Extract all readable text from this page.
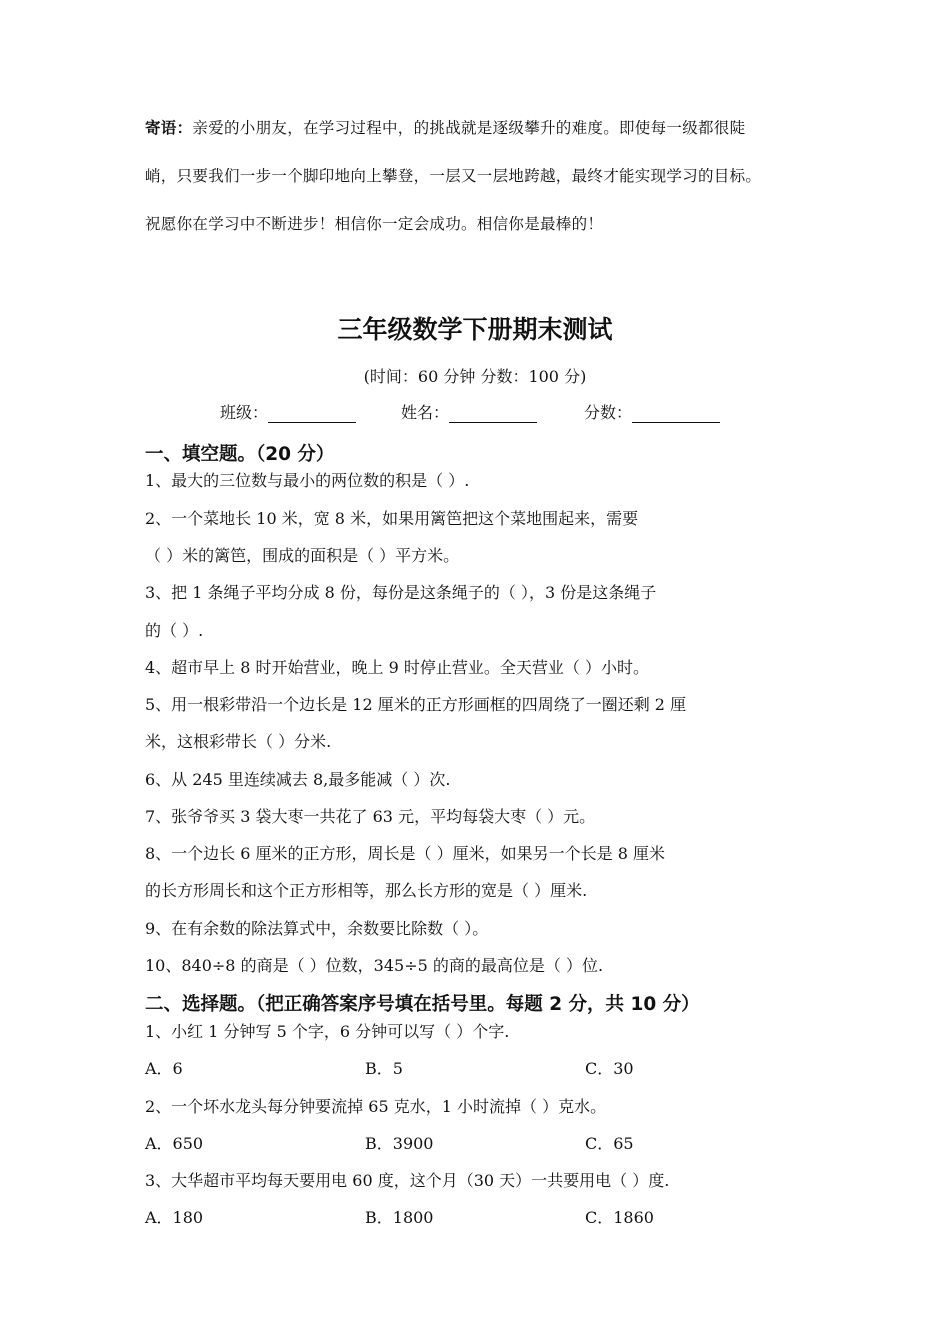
寄语：亲爱的小朋友，在学习过程中，的挑战就是逐级攀升的难度。即使每一级都很陡
峭，只要我们一步一个脚印地向上攀登，一层又一层地跨越，最终才能实现学习的目标。
祝愿你在学习中不断进步！相信你一定会成功。相信你是最棒的！
三年级数学下册期末测试
(时间：60 分钟 分数：100 分)
班级：	姓名：	分数：
一、填空题。（20 分）
1、最大的三位数与最小的两位数的积是（ ）.
2、一个菜地长 10 米，宽 8 米，如果用篱笆把这个菜地围起来，需要
（ ）米的篱笆，围成的面积是（ ）平方米。
3、把 1 条绳子平均分成 8 份，每份是这条绳子的（ ），3 份是这条绳子
的（ ）.
4、超市早上 8 时开始营业，晚上 9 时停止营业。全天营业（ ）小时。
5、用一根彩带沿一个边长是 12 厘米的正方形画框的四周绕了一圈还剩 2 厘
米，这根彩带长（ ）分米.
6、从 245 里连续减去 8,最多能减（ ）次.
7、张爷爷买 3 袋大枣一共花了 63 元，平均每袋大枣（ ）元。
8、一个边长 6 厘米的正方形，周长是（ ）厘米，如果另一个长是 8 厘米
的长方形周长和这个正方形相等，那么长方形的宽是（ ）厘米.
9、在有余数的除法算式中，余数要比除数（ ）。
10、840÷8 的商是（ ）位数，345÷5 的商的最高位是（ ）位.
二、选择题。（把正确答案序号填在括号里。每题 2 分，共 10 分）
1、小红 1 分钟写 5 个字，6 分钟可以写（ ）个字.
A．6	B．5	C．30
2、一个坏水龙头每分钟要流掉 65 克水，1 小时流掉（ ）克水。
A．650	B．3900	C．65
3、大华超市平均每天要用电 60 度，这个月（30 天）一共要用电（ ）度.
A．180	B．1800	C．1860
